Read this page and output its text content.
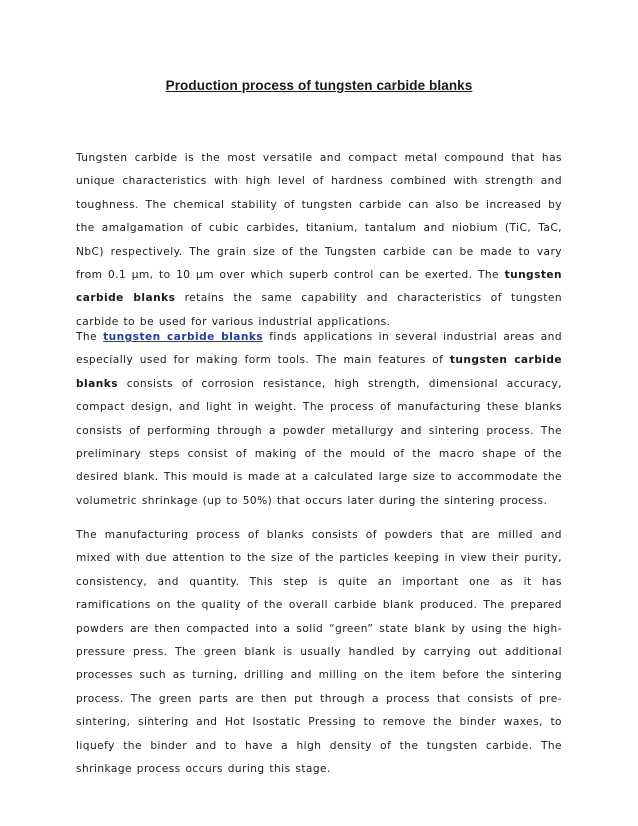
Production process of tungsten carbide blanks

Tungsten carbide is the most versatile and compact metal compound that has unique characteristics with high level of hardness combined with strength and toughness. The chemical stability of tungsten carbide can also be increased by the amalgamation of cubic carbides, titanium, tantalum and niobium (TiC, TaC, NbC) respectively. The grain size of the Tungsten carbide can be made to vary from 0.1 µm, to 10 µm over which superb control can be exerted. The tungsten carbide blanks retains the same capability and characteristics of tungsten carbide to be used for various industrial applications.

The tungsten carbide blanks finds applications in several industrial areas and especially used for making form tools. The main features of tungsten carbide blanks consists of corrosion resistance, high strength, dimensional accuracy, compact design, and light in weight. The process of manufacturing these blanks consists of performing through a powder metallurgy and sintering process. The preliminary steps consist of making of the mould of the macro shape of the desired blank. This mould is made at a calculated large size to accommodate the volumetric shrinkage (up to 50%) that occurs later during the sintering process.

The manufacturing process of blanks consists of powders that are milled and mixed with due attention to the size of the particles keeping in view their purity, consistency, and quantity. This step is quite an important one as it has ramifications on the quality of the overall carbide blank produced. The prepared powders are then compacted into a solid “green” state blank by using the high-pressure press. The green blank is usually handled by carrying out additional processes such as turning, drilling and milling on the item before the sintering process. The green parts are then put through a process that consists of pre-sintering, sintering and Hot Isostatic Pressing to remove the binder waxes, to liquefy the binder and to have a high density of the tungsten carbide. The shrinkage process occurs during this stage.
